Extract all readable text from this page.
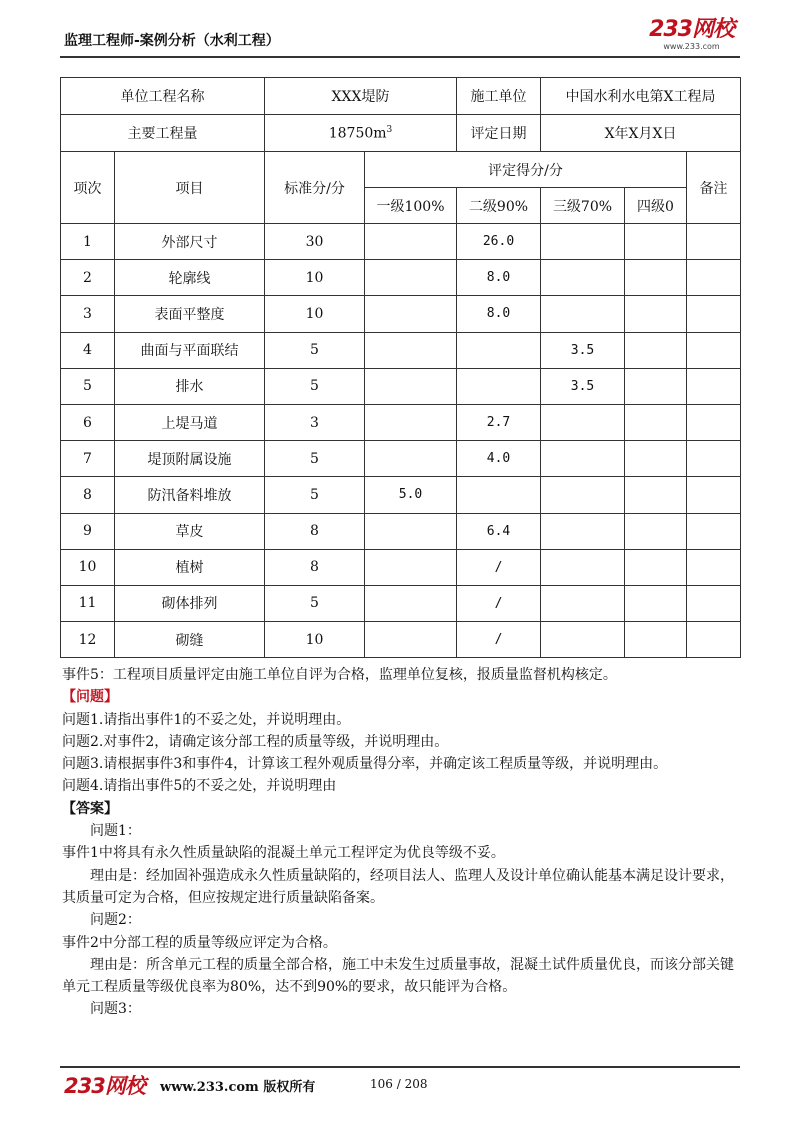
监理工程师-案例分析（水利工程）	233网校
www.233.com
单位工程名称		XXX堤防		施工单位	中国水利水电第X工程局		
主要工程量		$18750m^3$		评定日期	X年X月X日		
项次	项目	标准分/分	评定得分/分				备注
			一级100%	二级90%	三级70%	四级0	
1	外部尺寸	30		26.0			
2	轮廓线	10		8.0			
3	表面平整度	10		8.0			
4	曲面与平面联结	5			3.5		
5	排水	5			3.5		
6	上堤马道	3		2.7			
7	堤顶附属设施	5		4.0			
8	防汛备料堆放	5	5.0				
9	草皮	8		6.4			
10	植树	8		/			
11	砌体排列	5		/			
12	砌缝	10		/			

事件5：工程项目质量评定由施工单位自评为合格，监理单位复核，报质量监督机构核定。

【问题】

问题1.请指出事件1的不妥之处，并说明理由。

问题2.对事件2，请确定该分部工程的质量等级，并说明理由。

问题3.请根据事件3和事件4，计算该工程外观质量得分率，并确定该工程质量等级，并说明理由。

问题4.请指出事件5的不妥之处，并说明理由

【答案】

问题1：

事件1中将具有永久性质量缺陷的混凝土单元工程评定为优良等级不妥。

理由是：经加固补强造成永久性质量缺陷的，经项目法人、监理人及设计单位确认能基本满足设计要求，其质量可定为合格，但应按规定进行质量缺陷备案。

问题2：

事件2中分部工程的质量等级应评定为合格。

理由是：所含单元工程的质量全部合格，施工中未发生过质量事故，混凝土试件质量优良，而该分部关键单元工程质量等级优良率为80%，达不到90%的要求，故只能评为合格。

问题3：

233网校 www.233.com 版权所有	106 / 208
